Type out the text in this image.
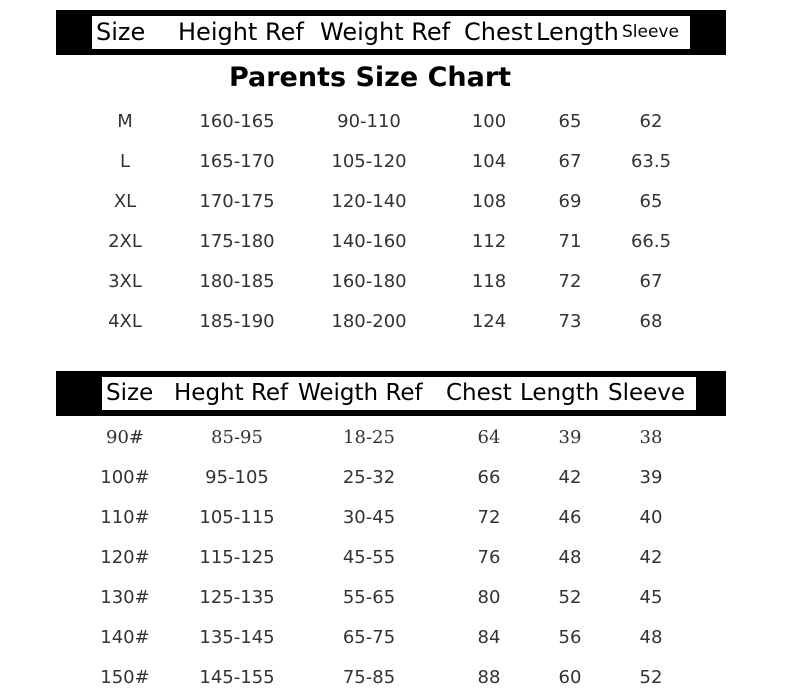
Size Height Ref Weight Ref Chest Length Sleeve
Parents Size Chart
M	160-165	90-110	100	65	62
L	165-170	105-120	104	67	63.5
XL	170-175	120-140	108	69	65
2XL	175-180	140-160	112	71	66.5
3XL	180-185	160-180	118	72	67
4XL	185-190	180-200	124	73	68
Size Heght Ref Weigth Ref Chest Length Sleeve
90#	85-95	18-25	64	39	38
100#	95-105	25-32	66	42	39
110#	105-115	30-45	72	46	40
120#	115-125	45-55	76	48	42
130#	125-135	55-65	80	52	45
140#	135-145	65-75	84	56	48
150#	145-155	75-85	88	60	52
